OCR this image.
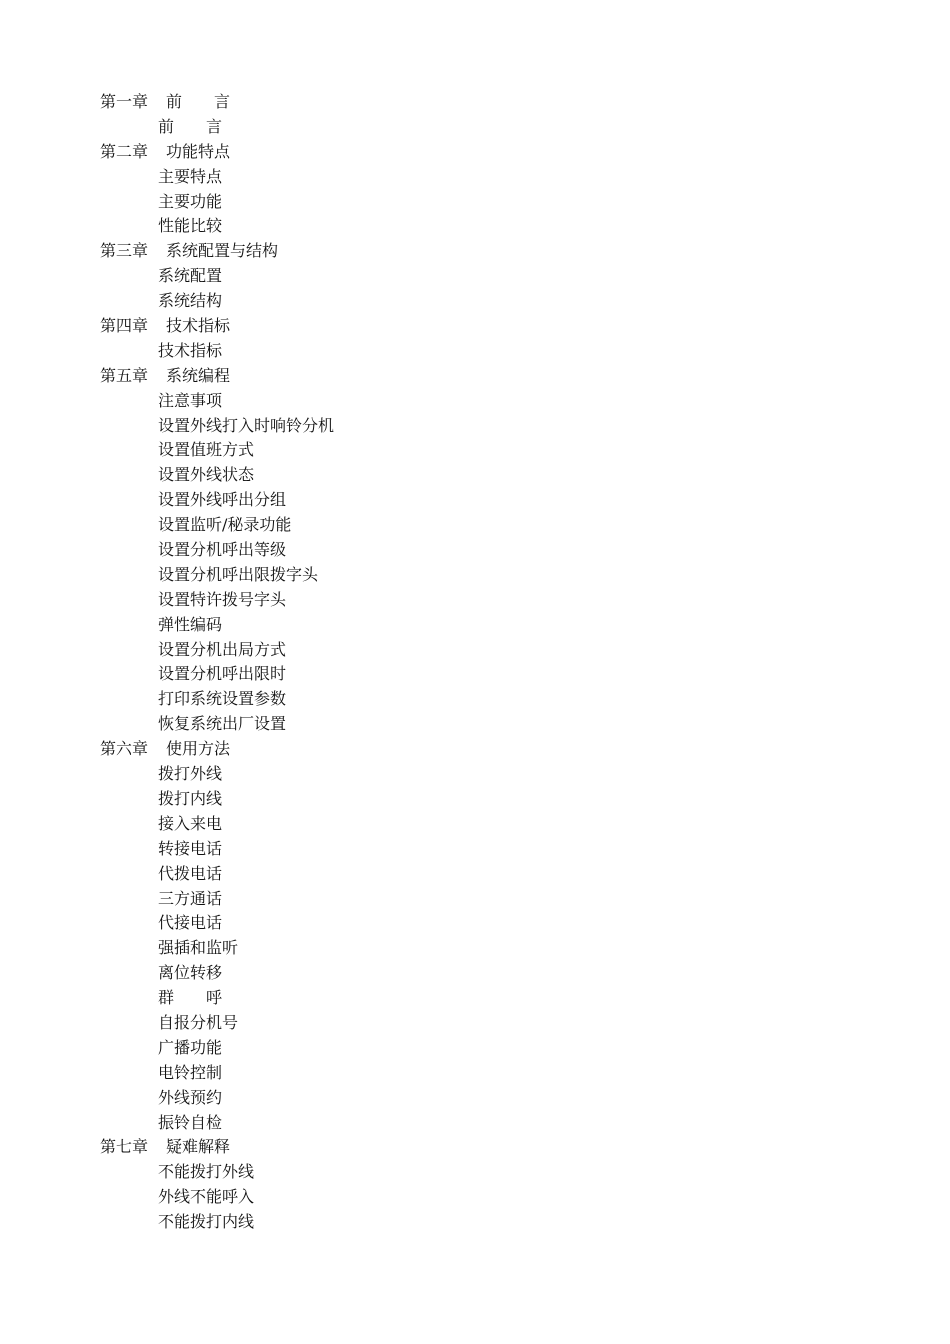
第一章 前　　言
前　　言
第二章 功能特点
主要特点
主要功能
性能比较
第三章 系统配置与结构
系统配置
系统结构
第四章 技术指标
技术指标
第五章 系统编程
注意事项
设置外线打入时响铃分机
设置值班方式
设置外线状态
设置外线呼出分组
设置监听/秘录功能
设置分机呼出等级
设置分机呼出限拨字头
设置特许拨号字头
弹性编码
设置分机出局方式
设置分机呼出限时
打印系统设置参数
恢复系统出厂设置
第六章 使用方法
拨打外线
拨打内线
接入来电
转接电话
代拨电话
三方通话
代接电话
强插和监听
离位转移
群　　呼
自报分机号
广播功能
电铃控制
外线预约
振铃自检
第七章 疑难解释
不能拨打外线
外线不能呼入
不能拨打内线
